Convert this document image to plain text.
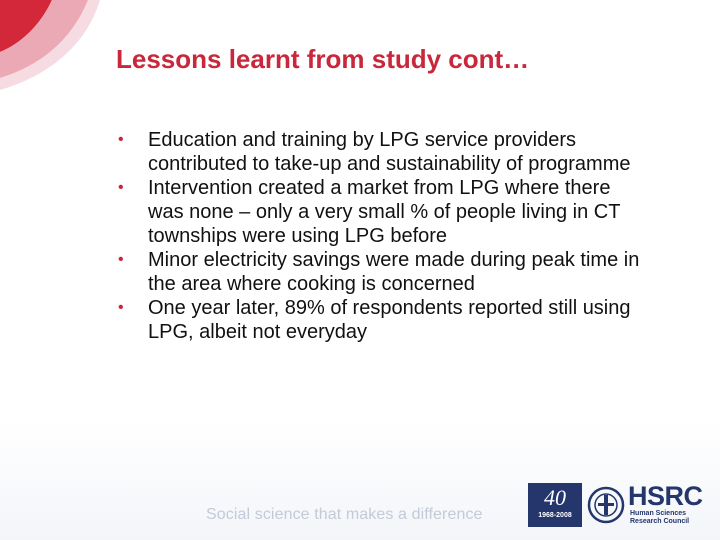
Lessons learnt from study cont…
• Education and training by LPG service providers contributed to take-up and sustainability of programme
• Intervention created a market from LPG where there was none – only a very small % of people living in CT townships were using LPG before
• Minor electricity savings were made during peak time in the area where cooking is concerned
• One year later, 89% of respondents reported still using LPG, albeit not everyday
Social science that makes a difference
40
1968-2008
HSRC
Human Sciences
Research Council
